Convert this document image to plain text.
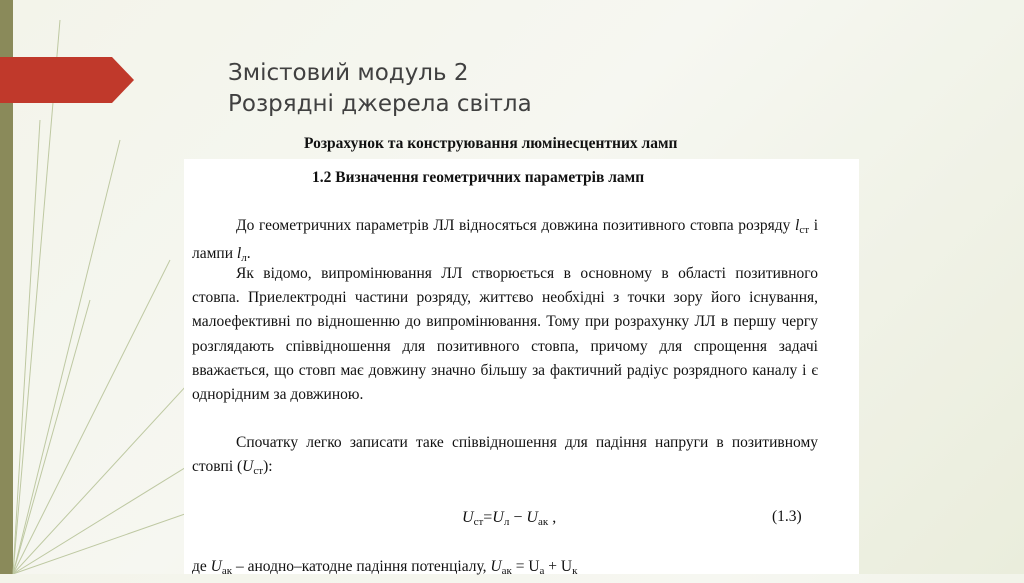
Змістовий модуль 2
Розрядні джерела світла
Розрахунок та конструювання люмінесцентних ламп
1.2 Визначення геометричних параметрів ламп

До геометричних параметрів ЛЛ відносяться довжина позитивного стовпа розряду $l_{ст}$ і лампи $l_л$.

Як відомо, випромінювання ЛЛ створюється в основному в області позитивного стовпа. Приелектродні частини розряду, життєво необхідні з точки зору його існування, малоефективні по відношенню до випромінювання. Тому при розрахунку ЛЛ в першу чергу розглядають співвідношення для позитивного стовпа, причому для спрощення задачі вважається, що стовп має довжину значно більшу за фактичний радіус розрядного каналу і є однорідним за довжиною.

Спочатку легко записати таке співвідношення для падіння напруги в позитивному стовпі $(U_{ст})$:

$U_{ст}=U_л - U_{ак}$ ,	(1.3)
де $U_{ак}$ – анодно–катодне падіння потенціалу, $U_{ак} = U_а + U_к$
